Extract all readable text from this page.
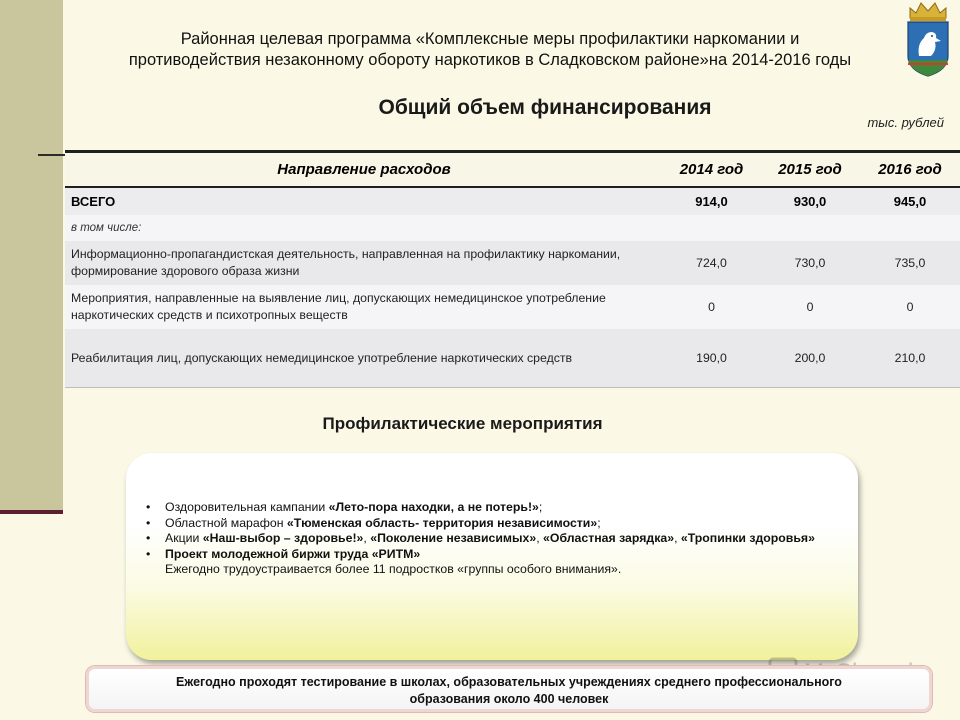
Районная целевая программа «Комплексные меры профилактики наркомании и
противодействия незаконному обороту наркотиков в Сладковском районе»на 2014-2016 годы
Общий объем финансирования
тыс. рублей
Направление расходов	2014 год	2015 год	2016 год
ВСЕГО	914,0	930,0	945,0
в том числе:			
Информационно-пропагандистская деятельность, направленная на профилактику наркомании, формирование здорового образа жизни	724,0	730,0	735,0
Мероприятия, направленные на выявление лиц, допускающих немедицинское употребление наркотических средств и психотропных веществ	0	0	0
Реабилитация лиц, допускающих немедицинское употребление наркотических средств	190,0	200,0	210,0
Профилактические мероприятия
• Оздоровительная кампании «Лето-пора находки, а не потерь!»;
• Областной марафон «Тюменская область- территория независимости»;
• Акции «Наш-выбор – здоровье!», «Поколение независимых», «Областная зарядка», «Тропинки здоровья»
• Проект молодежной биржи труда «РИТМ»
Ежегодно трудоустраивается более 11 подростков «группы особого внимания».
Ежегодно проходят тестирование в школах, образовательных учреждениях среднего профессионального
образования около 400 человек
